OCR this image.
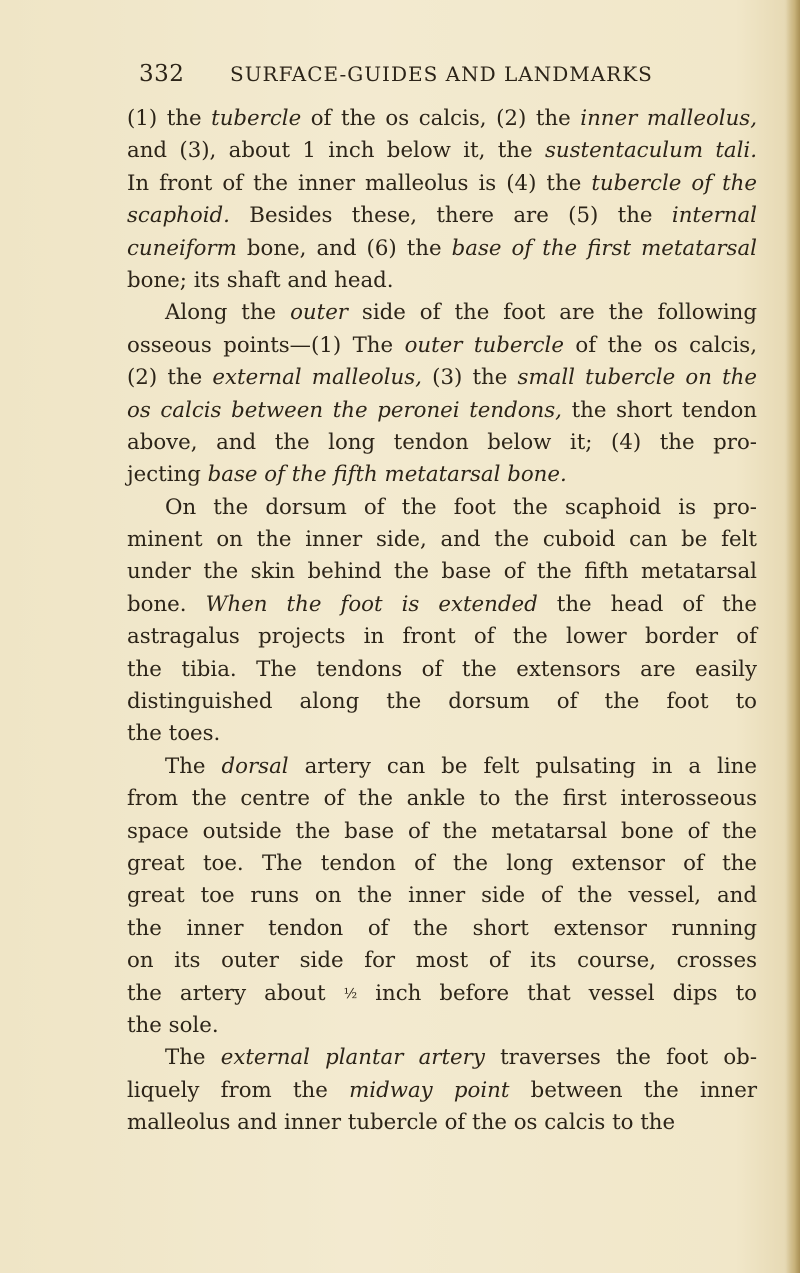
332 SURFACE-GUIDES AND LANDMARKS
(1) the tubercle of the os calcis, (2) the inner malleolus,
and (3), about 1 inch below it, the sustentaculum tali.
In front of the inner malleolus is (4) the tubercle of the
scaphoid. Besides these, there are (5) the internal
cuneiform bone, and (6) the base of the first metatarsal
bone; its shaft and head.
Along the outer side of the foot are the following
osseous points—(1) The outer tubercle of the os calcis,
(2) the external malleolus, (3) the small tubercle on the
os calcis between the peronei tendons, the short tendon
above, and the long tendon below it; (4) the pro-
jecting base of the fifth metatarsal bone.
On the dorsum of the foot the scaphoid is pro-
minent on the inner side, and the cuboid can be felt
under the skin behind the base of the fifth metatarsal
bone. When the foot is extended the head of the
astragalus projects in front of the lower border of
the tibia. The tendons of the extensors are easily
distinguished along the dorsum of the foot to
the toes.
The dorsal artery can be felt pulsating in a line
from the centre of the ankle to the first interosseous
space outside the base of the metatarsal bone of the
great toe. The tendon of the long extensor of the
great toe runs on the inner side of the vessel, and
the inner tendon of the short extensor running
on its outer side for most of its course, crosses
the artery about ½ inch before that vessel dips to
the sole.
The external plantar artery traverses the foot ob-
liquely from the midway point between the inner
malleolus and inner tubercle of the os calcis to the
